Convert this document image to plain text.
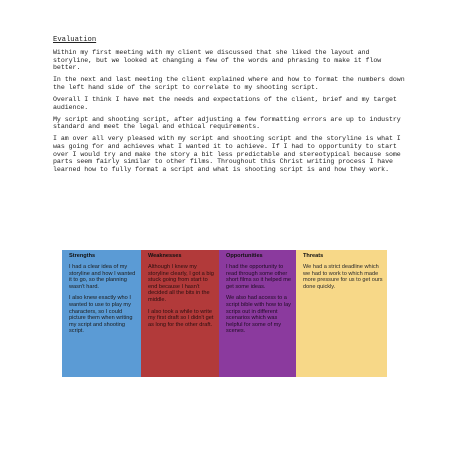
Evaluation

Within my first meeting with my client we discussed that she liked the layout and storyline, but we looked at changing a few of the words and phrasing to make it flow better.

In the next and last meeting the client explained where and how to format the numbers down the left hand side of the script to correlate to my shooting script.

Overall I think I have met the needs and expectations of the client, brief and my target audience.

My script and shooting script, after adjusting a few formatting errors are up to industry standard and meet the legal and ethical requirements.

I am over all very pleased with my script and shooting script and the storyline is what I was going for and achieves what I wanted it to achieve. If I had to opportunity to start over I would try and make the story a bit less predictable and stereotypical because some parts seem fairly similar to other films. Throughout this Christ writing process I have learned how to fully format a script and what is shooting script is and how they work.

Strengths

I had a clear idea of my storyline and how I wanted it to go, so the planning wasn't hard.

I also knew exactly who I wanted to use to play my characters, so I could picture them when writing my script and shooting script.

Weaknesses

Although I knew my storyline clearly, I got a big stuck going from start to end because I hasn't decided all the bits in the middle.

I also took a while to write my first draft so I didn't get as long for the other draft.

Opportunities

I had the opportunity to read through some other short films so it helped me get some ideas.

We also had access to a script bible with how to lay scrips out in different scenarios which was helpful for some of my scenes.

Threats

We had a strict deadline which we had to work to which made more pressure for us to get ours done quickly.
